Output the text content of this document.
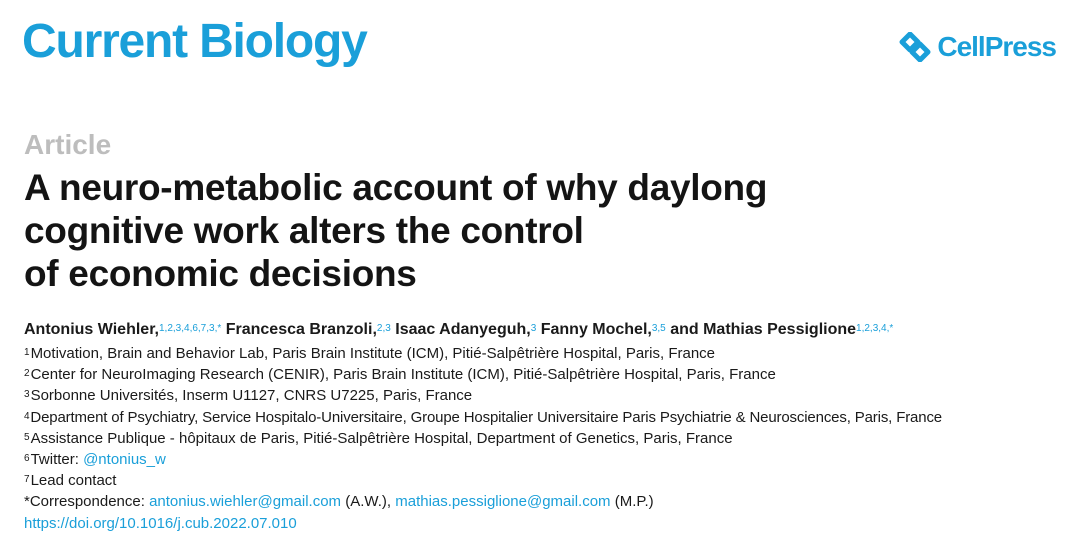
Current Biology	CellPress
Article
A neuro-metabolic account of why daylong
cognitive work alters the control
of economic decisions

Antonius Wiehler,$^{1,2,3,4,6,7,3,*}$ Francesca Branzoli,$^{2,3}$ Isaac Adanyeguh,$^3$ Fanny Mochel,$^{3,5}$ and Mathias Pessiglione$^{1,2,3,4,*}$

$^1$Motivation, Brain and Behavior Lab, Paris Brain Institute (ICM), Pitié-Salpêtrière Hospital, Paris, France
$^2$Center for NeuroImaging Research (CENIR), Paris Brain Institute (ICM), Pitié-Salpêtrière Hospital, Paris, France
$^3$Sorbonne Universités, Inserm U1127, CNRS U7225, Paris, France
$^4$Department of Psychiatry, Service Hospitalo-Universitaire, Groupe Hospitalier Universitaire Paris Psychiatrie & Neurosciences, Paris, France
$^5$Assistance Publique - hôpitaux de Paris, Pitié-Salpêtrière Hospital, Department of Genetics, Paris, France
$^6$Twitter: @ntonius_w
$^7$Lead contact
*Correspondence: antonius.wiehler@gmail.com (A.W.), mathias.pessiglione@gmail.com (M.P.)
https://doi.org/10.1016/j.cub.2022.07.010
